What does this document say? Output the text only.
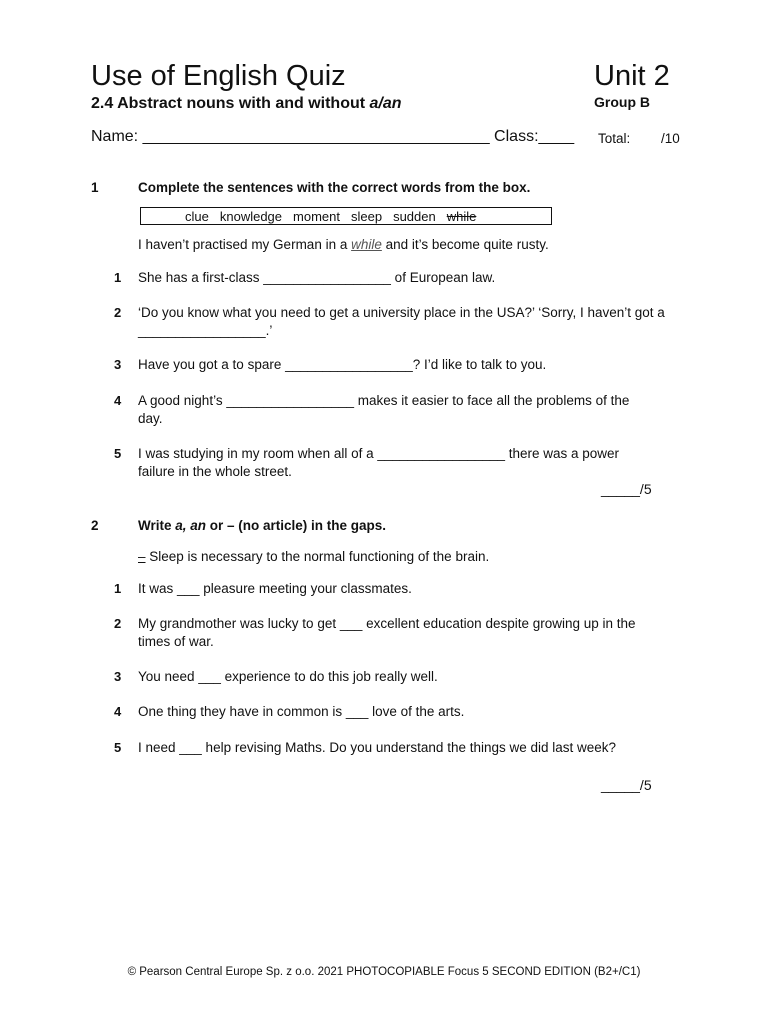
Use of English Quiz	Unit 2
2.4 Abstract nouns with and without a/an	Group B
Name: _______________________________________ Class:____ Total: /10
1	Complete the sentences with the correct words from the box.
clue knowledge moment sleep sudden while
I haven’t practised my German in a while and it’s become quite rusty.
1 She has a first-class _________________ of European law.
2 ‘Do you know what you need to get a university place in the USA?’ ‘Sorry, I haven’t got a _________________.’
3 Have you got a to spare _________________? I’d like to talk to you.
4 A good night’s _________________ makes it easier to face all the problems of the day.
5 I was studying in my room when all of a _________________ there was a power failure in the whole street.
_____/5
2	Write a, an or – (no article) in the gaps.
– Sleep is necessary to the normal functioning of the brain.
1 It was ___ pleasure meeting your classmates.
2 My grandmother was lucky to get ___ excellent education despite growing up in the times of war.
3 You need ___ experience to do this job really well.
4 One thing they have in common is ___ love of the arts.
5 I need ___ help revising Maths. Do you understand the things we did last week?
_____/5
© Pearson Central Europe Sp. z o.o. 2021 PHOTOCOPIABLE Focus 5 SECOND EDITION (B2+/C1)
